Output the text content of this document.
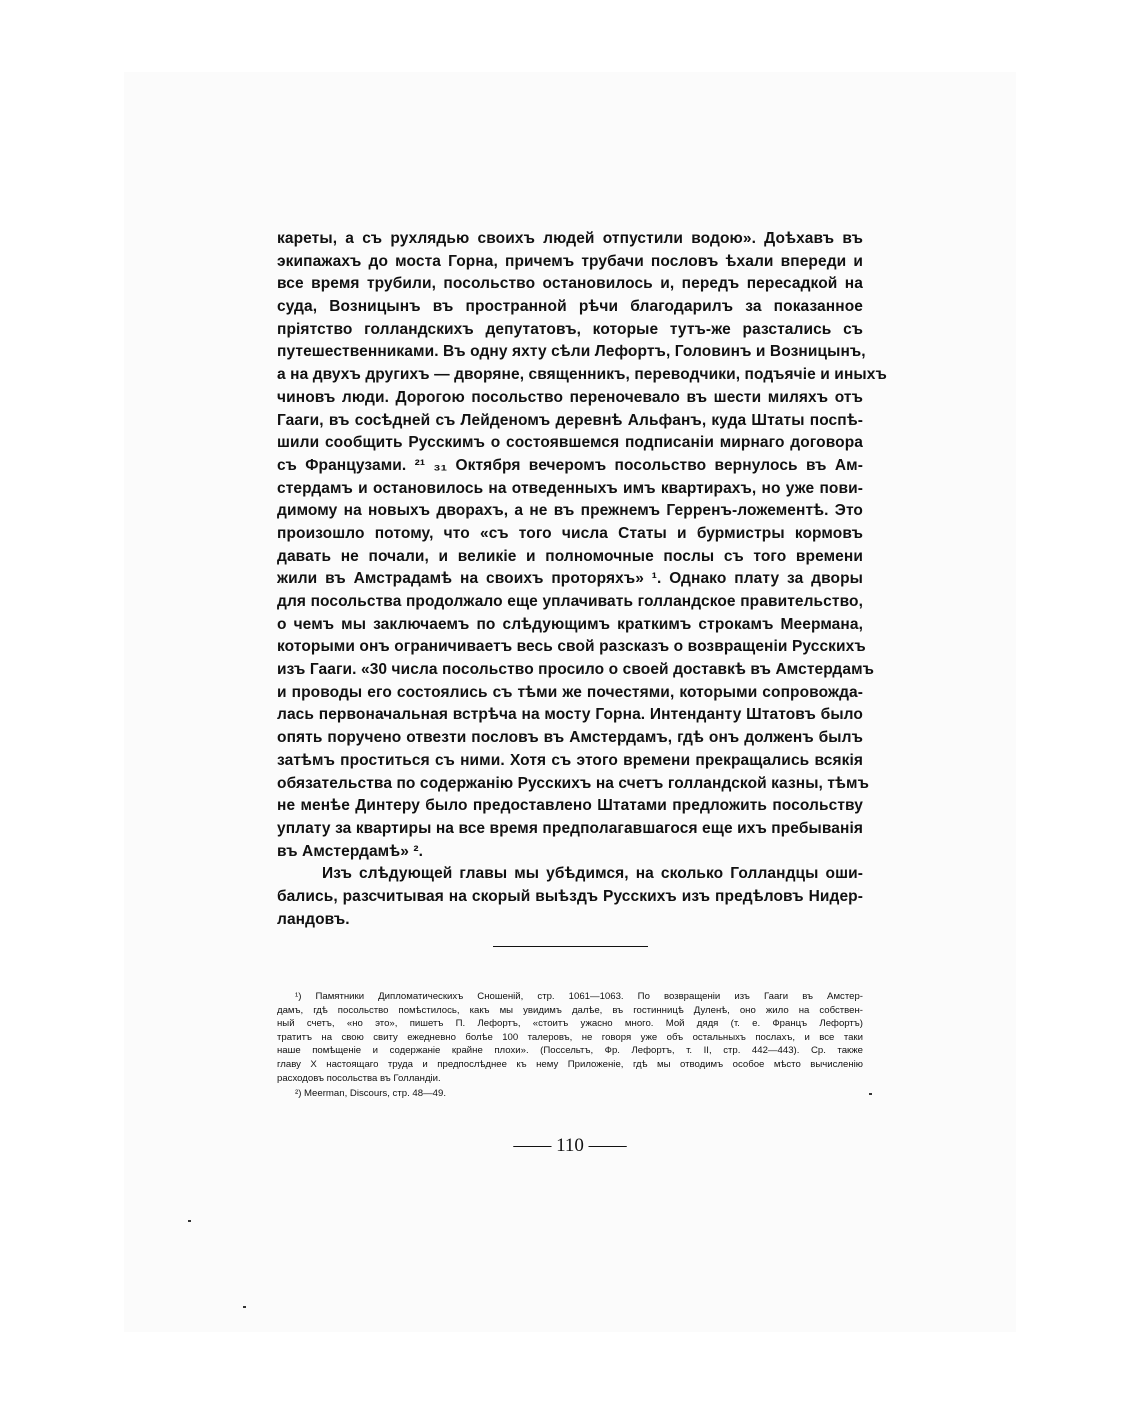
кареты, а съ рухлядью своихъ людей отпустили водою». Доѣхавъ въ
экипажахъ до моста Горна, причемъ трубачи пословъ ѣхали впереди и
все время трубили, посольство остановилось и, передъ пересадкой на
суда, Возницынъ въ пространной рѣчи благодарилъ за показанное
пріятство голландскихъ депутатовъ, которые тутъ-же разстались съ
путешественниками. Въ одну яхту сѣли Лефортъ, Головинъ и Возницынъ,
а на двухъ другихъ — дворяне, священникъ, переводчики, подъячіе и иныхъ
чиновъ люди. Дорогою посольство переночевало въ шести миляхъ отъ
Гааги, въ сосѣдней съ Лейденомъ деревнѣ Альфанъ, куда Штаты поспѣ-
шили сообщить Русскимъ о состоявшемся подписаніи мирнаго договора
съ Французами. ²¹ ₃₁ Октября вечеромъ посольство вернулось въ Ам-
стердамъ и остановилось на отведенныхъ имъ квартирахъ, но уже пови-
димому на новыхъ дворахъ, а не въ прежнемъ Герренъ-ложементѣ. Это
произошло потому, что «съ того числа Статы и бурмистры кормовъ
давать не почали, и великіе и полномочные послы съ того времени
жили въ Амстрадамѣ на своихъ проторяхъ» ¹. Однако плату за дворы
для посольства продолжало еще уплачивать голландское правительство,
о чемъ мы заключаемъ по слѣдующимъ краткимъ строкамъ Меермана,
которыми онъ ограничиваетъ весь свой разсказъ о возвращеніи Русскихъ
изъ Гааги. «30 числа посольство просило о своей доставкѣ въ Амстердамъ
и проводы его состоялись съ тѣми же почестями, которыми сопровожда-
лась первоначальная встрѣча на мосту Горна. Интенданту Штатовъ было
опять поручено отвезти пословъ въ Амстердамъ, гдѣ онъ долженъ былъ
затѣмъ проститься съ ними. Хотя съ этого времени прекращались всякія
обязательства по содержанію Русскихъ на счетъ голландской казны, тѣмъ
не менѣе Динтеру было предоставлено Штатами предложить посольству
уплату за квартиры на все время предполагавшагося еще ихъ пребыванія
въ Амстердамѣ» ².
Изъ слѣдующей главы мы убѣдимся, на сколько Голландцы оши-
бались, разсчитывая на скорый выѣздъ Русскихъ изъ предѣловъ Нидер-
ландовъ.
¹) Памятники Дипломатическихъ Сношеній, стр. 1061—1063. По возвращеніи изъ Гааги въ Амстер-
дамъ, гдѣ посольство помѣстилось, какъ мы увидимъ далѣе, въ гостинницѣ Дуленѣ, оно жило на собствен-
ный счетъ, «но это», пишетъ П. Лефортъ, «стоитъ ужасно много. Мой дядя (т. е. Францъ Лефортъ)
тратитъ на свою свиту ежедневно болѣе 100 талеровъ, не говоря уже объ остальныхъ послахъ, и все таки
наше помѣщеніе и содержаніе крайне плохи». (Поссельтъ, Фр. Лефортъ, т. II, стр. 442—443). Ср. также
главу X настоящаго труда и предпослѣднее къ нему Приложеніе, гдѣ мы отводимъ особое мѣсто вычисленію
расходовъ посольства въ Голландіи.
²) Meerman, Discours, стр. 48—49.
—— 110 ——
